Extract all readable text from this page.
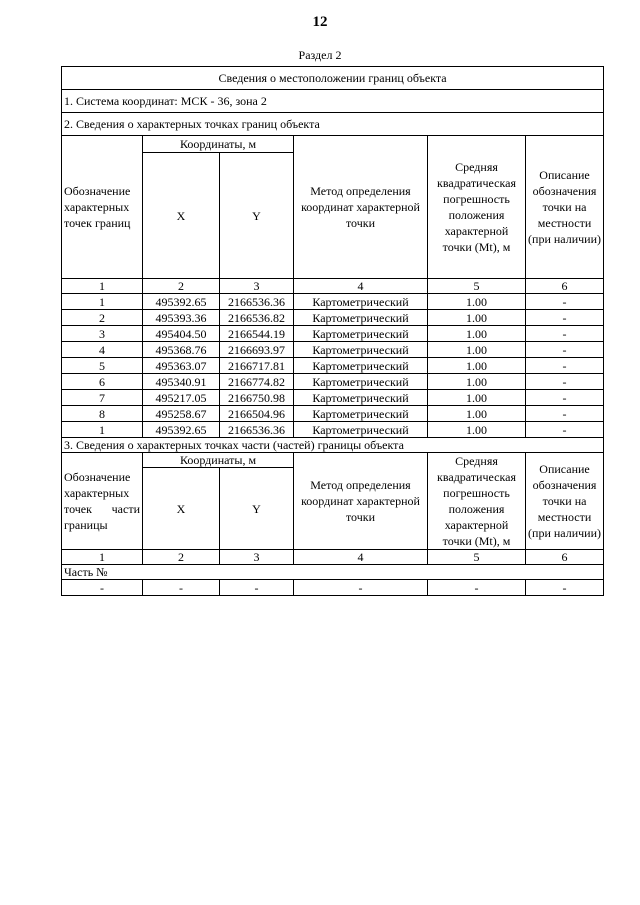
12
Раздел 2
Сведения о местоположении границ объекта					
1. Система координат: МСК - 36, зона 2					
2. Сведения о характерных точках границ объекта					
Обозначение характерных точек границ	Координаты, м		Метод определения координат характерной точки	Средняя квадратическая погрешность положения характерной точки (Mt), м	Описание обозначения точки на местности (при наличии)
	X	Y			
1	2	3	4	5	6
1	495392.65	2166536.36	Картометрический	1.00	-
2	495393.36	2166536.82	Картометрический	1.00	-
3	495404.50	2166544.19	Картометрический	1.00	-
4	495368.76	2166693.97	Картометрический	1.00	-
5	495363.07	2166717.81	Картометрический	1.00	-
6	495340.91	2166774.82	Картометрический	1.00	-
7	495217.05	2166750.98	Картометрический	1.00	-
8	495258.67	2166504.96	Картометрический	1.00	-
1	495392.65	2166536.36	Картометрический	1.00	-
3. Сведения о характерных точках части (частей) границы объекта					
Обозначение характерных точек части границы	Координаты, м		Метод определения координат характерной точки	Средняя квадратическая погрешность положения характерной точки (Mt), м	Описание обозначения точки на местности (при наличии)
	X	Y			
1	2	3	4	5	6
Часть №					
-	-	-	-	-	-
